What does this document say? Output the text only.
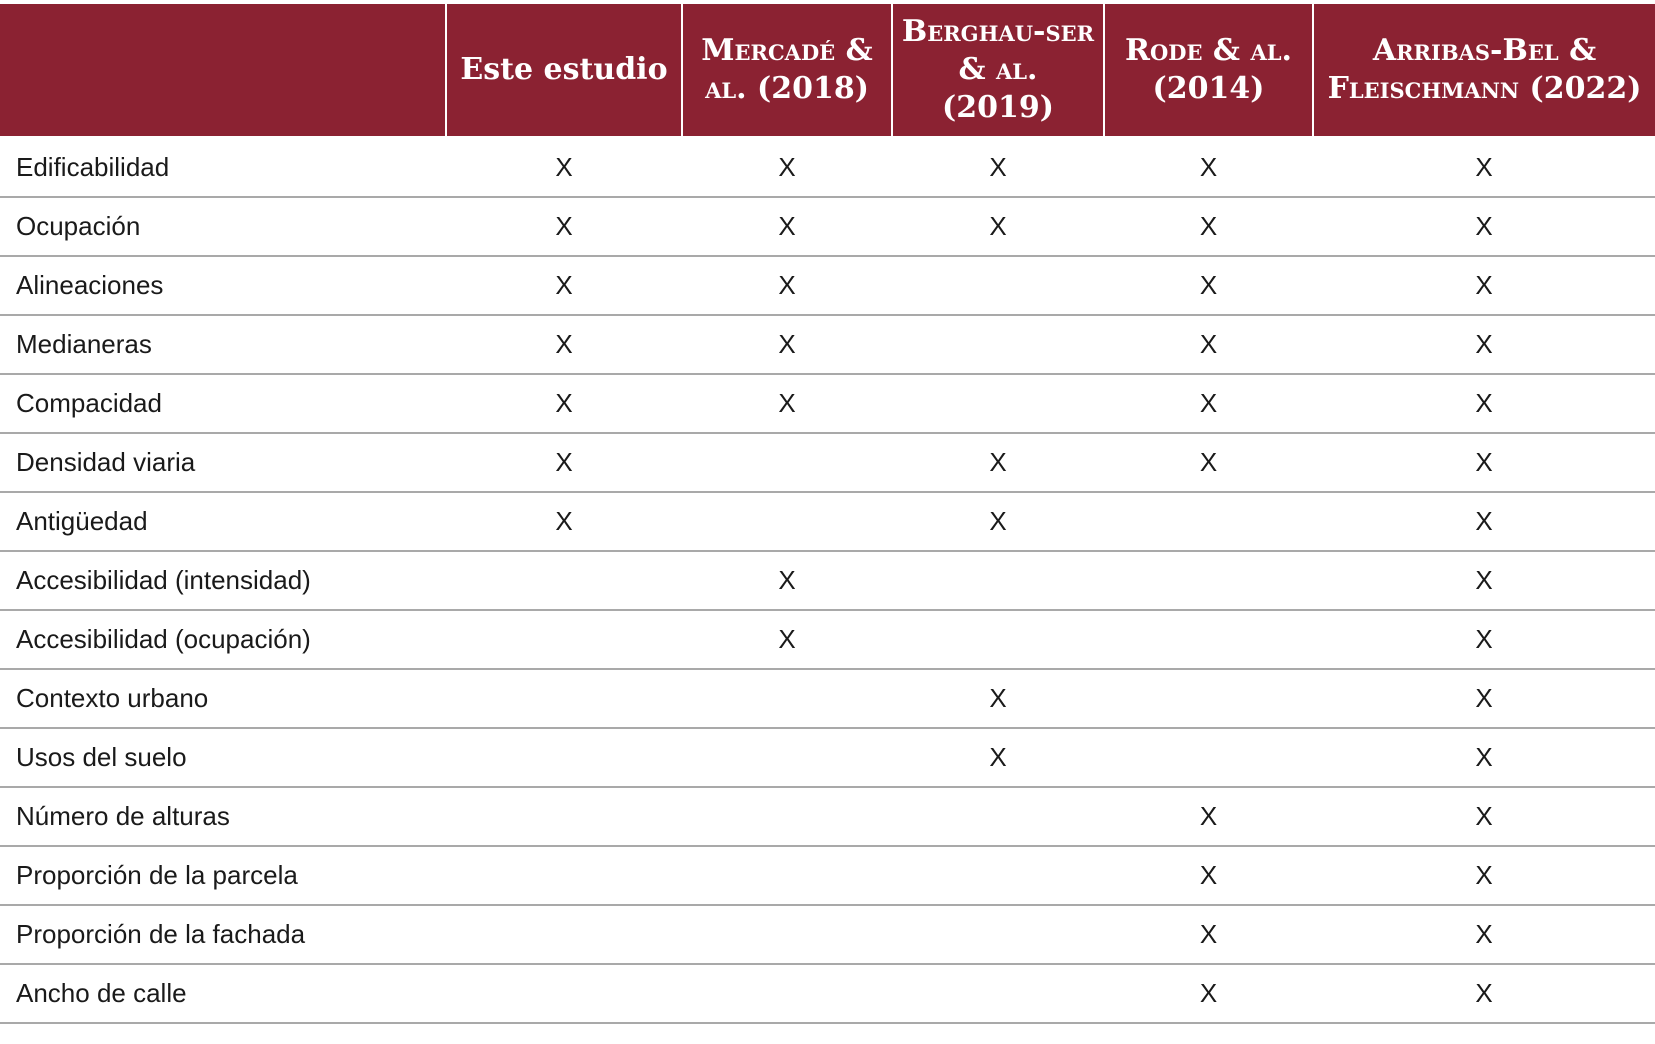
	Este estudio	Mercadé & al. (2018)	Berghau-ser & al. (2019)	Rode & al. (2014)	Arribas-Bel & Fleischmann (2022)
Edificabilidad	X	X	X	X	X
Ocupación	X	X	X	X	X
Alineaciones	X	X		X	X
Medianeras	X	X		X	X
Compacidad	X	X		X	X
Densidad viaria	X		X	X	X
Antigüedad	X		X		X
Accesibilidad (intensidad)		X			X
Accesibilidad (ocupación)		X			X
Contexto urbano			X		X
Usos del suelo			X		X
Número de alturas				X	X
Proporción de la parcela				X	X
Proporción de la fachada				X	X
Ancho de calle				X	X
